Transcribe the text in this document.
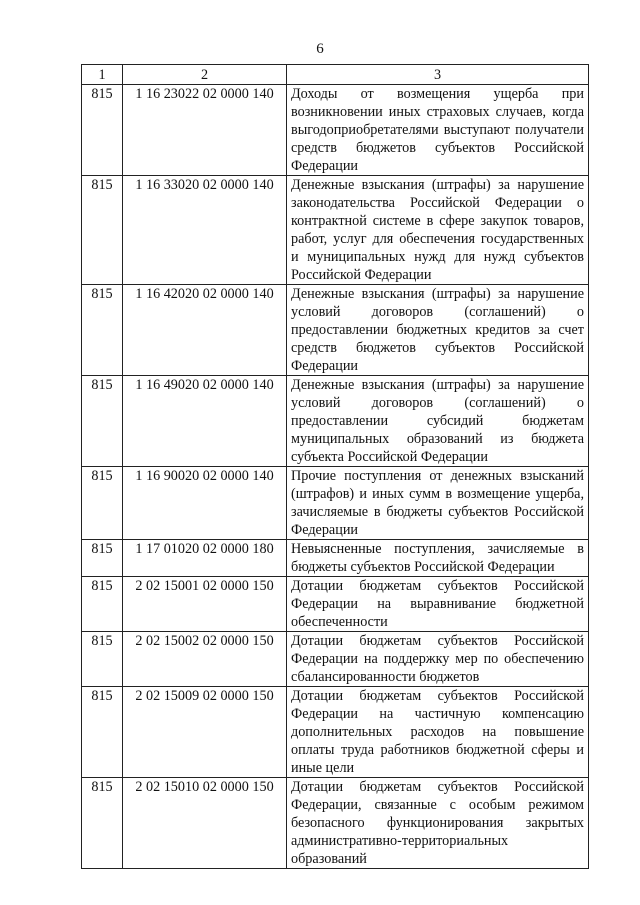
6
1	2	3
815	1 16 23022 02 0000 140	Доходы от возмещения ущерба при возникновении иных страховых случаев, когда выгодоприобретателями выступают получатели средств бюджетов субъектов Российской Федерации
815	1 16 33020 02 0000 140	Денежные взыскания (штрафы) за нарушение законодательства Российской Федерации о контрактной системе в сфере закупок товаров, работ, услуг для обеспечения государственных и муниципальных нужд для нужд субъектов Российской Федерации
815	1 16 42020 02 0000 140	Денежные взыскания (штрафы) за нарушение условий договоров (соглашений) о предоставлении бюджетных кредитов за счет средств бюджетов субъектов Российской Федерации
815	1 16 49020 02 0000 140	Денежные взыскания (штрафы) за нарушение условий договоров (соглашений) о предоставлении субсидий бюджетам муниципальных образований из бюджета субъекта Российской Федерации
815	1 16 90020 02 0000 140	Прочие поступления от денежных взысканий (штрафов) и иных сумм в возмещение ущерба, зачисляемые в бюджеты субъектов Российской Федерации
815	1 17 01020 02 0000 180	Невыясненные поступления, зачисляемые в бюджеты субъектов Российской Федерации
815	2 02 15001 02 0000 150	Дотации бюджетам субъектов Российской Федерации на выравнивание бюджетной обеспеченности
815	2 02 15002 02 0000 150	Дотации бюджетам субъектов Российской Федерации на поддержку мер по обеспечению сбалансированности бюджетов
815	2 02 15009 02 0000 150	Дотации бюджетам субъектов Российской Федерации на частичную компенсацию дополнительных расходов на повышение оплаты труда работников бюджетной сферы и иные цели
815	2 02 15010 02 0000 150	Дотации бюджетам субъектов Российской Федерации, связанные с особым режимом безопасного функционирования закрытых административно-территориальных образований
